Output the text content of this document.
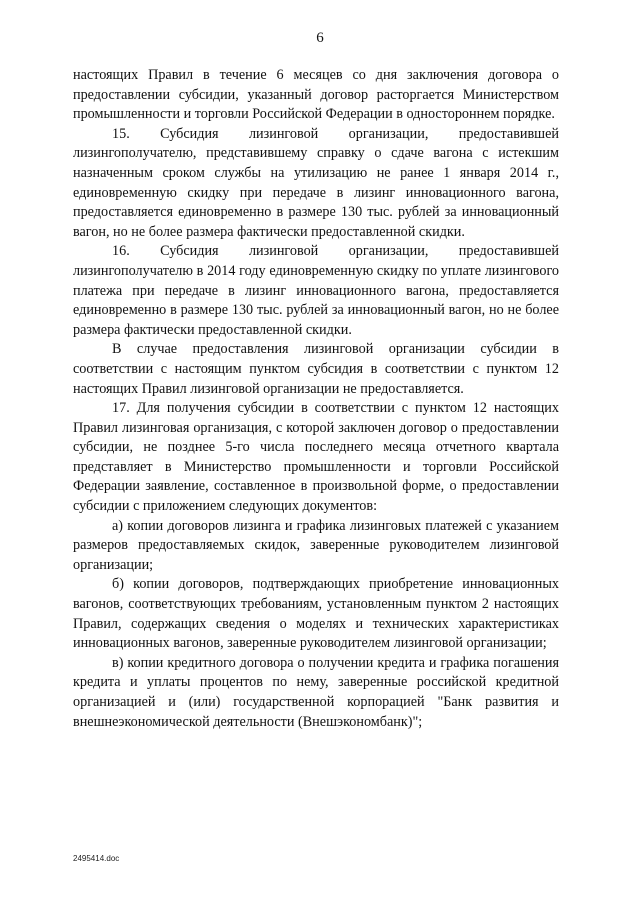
6

настоящих Правил в течение 6 месяцев со дня заключения договора о предоставлении субсидии, указанный договор расторгается Министерством промышленности и торговли Российской Федерации в одностороннем порядке.

15. Субсидия лизинговой организации, предоставившей лизингополучателю, представившему справку о сдаче вагона с истекшим назначенным сроком службы на утилизацию не ранее 1 января 2014 г., единовременную скидку при передаче в лизинг инновационного вагона, предоставляется единовременно в размере 130 тыс. рублей за инновационный вагон, но не более размера фактически предоставленной скидки.

16. Субсидия лизинговой организации, предоставившей лизингополучателю в 2014 году единовременную скидку по уплате лизингового платежа при передаче в лизинг инновационного вагона, предоставляется единовременно в размере 130 тыс. рублей за инновационный вагон, но не более размера фактически предоставленной скидки.

В случае предоставления лизинговой организации субсидии в соответствии с настоящим пунктом субсидия в соответствии с пунктом 12 настоящих Правил лизинговой организации не предоставляется.

17. Для получения субсидии в соответствии с пунктом 12 настоящих Правил лизинговая организация, с которой заключен договор о предоставлении субсидии, не позднее 5-го числа последнего месяца отчетного квартала представляет в Министерство промышленности и торговли Российской Федерации заявление, составленное в произвольной форме, о предоставлении субсидии с приложением следующих документов:

а) копии договоров лизинга и графика лизинговых платежей с указанием размеров предоставляемых скидок, заверенные руководителем лизинговой организации;

б) копии договоров, подтверждающих приобретение инновационных вагонов, соответствующих требованиям, установленным пунктом 2 настоящих Правил, содержащих сведения о моделях и технических характеристиках инновационных вагонов, заверенные руководителем лизинговой организации;

в) копии кредитного договора о получении кредита и графика погашения кредита и уплаты процентов по нему, заверенные российской кредитной организацией и (или) государственной корпорацией "Банк развития и внешнеэкономической деятельности (Внешэкономбанк)";

2495414.doc
